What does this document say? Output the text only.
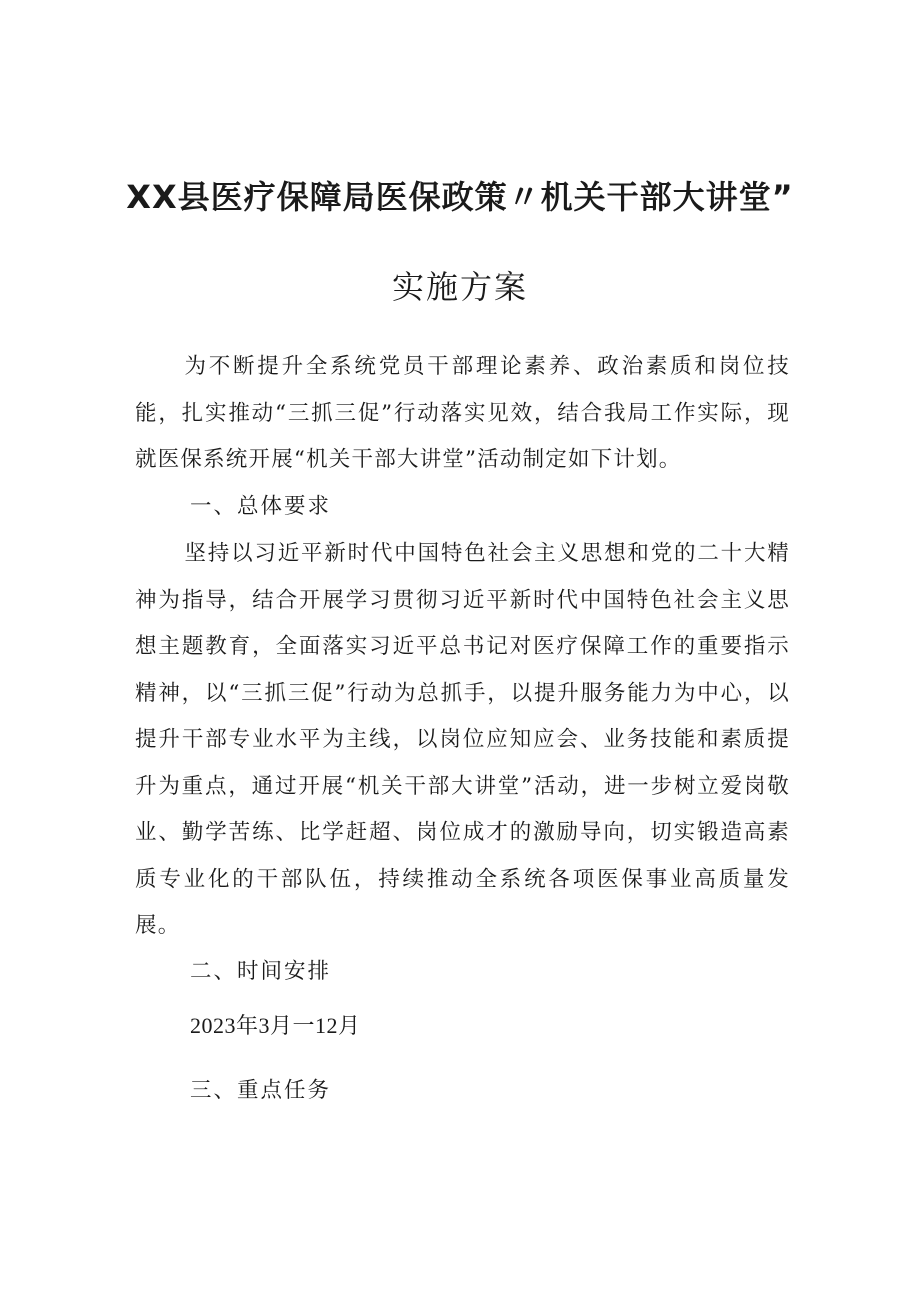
XX县医疗保障局医保政策〃机关干部大讲堂”
实施方案

为不断提升全系统党员干部理论素养、政治素质和岗位技能，扎实推动“三抓三促”行动落实见效，结合我局工作实际，现就医保系统开展“机关干部大讲堂”活动制定如下计划。

一、总体要求

坚持以习近平新时代中国特色社会主义思想和党的二十大精神为指导，结合开展学习贯彻习近平新时代中国特色社会主义思想主题教育，全面落实习近平总书记对医疗保障工作的重要指示精神，以“三抓三促”行动为总抓手，以提升服务能力为中心，以提升干部专业水平为主线，以岗位应知应会、业务技能和素质提升为重点，通过开展“机关干部大讲堂”活动，进一步树立爱岗敬业、勤学苦练、比学赶超、岗位成才的激励导向，切实锻造高素质专业化的干部队伍，持续推动全系统各项医保事业高质量发展。

二、时间安排
2023年3月一12月
三、重点任务
